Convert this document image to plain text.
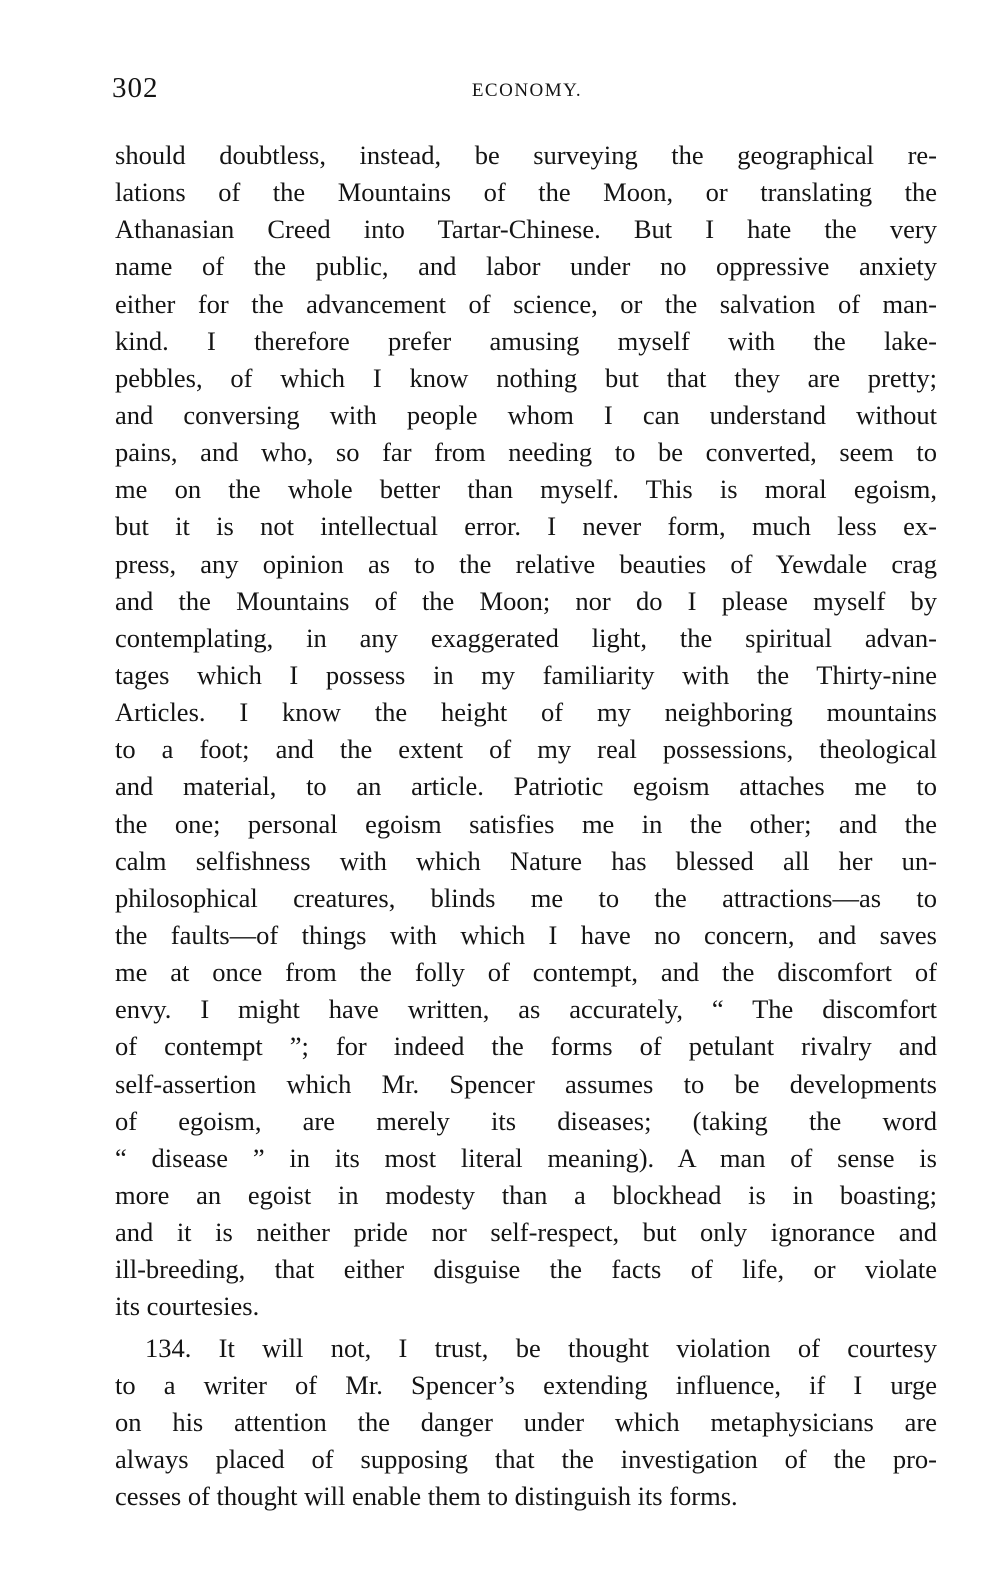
302	ECONOMY.
should doubtless, instead, be surveying the geographical re-
lations of the Mountains of the Moon, or translating the
Athanasian Creed into Tartar-Chinese. But I hate the very
name of the public, and labor under no oppressive anxiety
either for the advancement of science, or the salvation of man-
kind. I therefore prefer amusing myself with the lake-
pebbles, of which I know nothing but that they are pretty;
and conversing with people whom I can understand without
pains, and who, so far from needing to be converted, seem to
me on the whole better than myself. This is moral egoism,
but it is not intellectual error. I never form, much less ex-
press, any opinion as to the relative beauties of Yewdale crag
and the Mountains of the Moon; nor do I please myself by
contemplating, in any exaggerated light, the spiritual advan-
tages which I possess in my familiarity with the Thirty-nine
Articles. I know the height of my neighboring mountains
to a foot; and the extent of my real possessions, theological
and material, to an article. Patriotic egoism attaches me to
the one; personal egoism satisfies me in the other; and the
calm selfishness with which Nature has blessed all her un-
philosophical creatures, blinds me to the attractions—as to
the faults—of things with which I have no concern, and saves
me at once from the folly of contempt, and the discomfort of
envy. I might have written, as accurately, “ The discomfort
of contempt ”; for indeed the forms of petulant rivalry and
self-assertion which Mr. Spencer assumes to be developments
of egoism, are merely its diseases; (taking the word
“ disease ” in its most literal meaning). A man of sense is
more an egoist in modesty than a blockhead is in boasting;
and it is neither pride nor self-respect, but only ignorance and
ill-breeding, that either disguise the facts of life, or violate
its courtesies.
134. It will not, I trust, be thought violation of courtesy
to a writer of Mr. Spencer’s extending influence, if I urge
on his attention the danger under which metaphysicians are
always placed of supposing that the investigation of the pro-
cesses of thought will enable them to distinguish its forms.
